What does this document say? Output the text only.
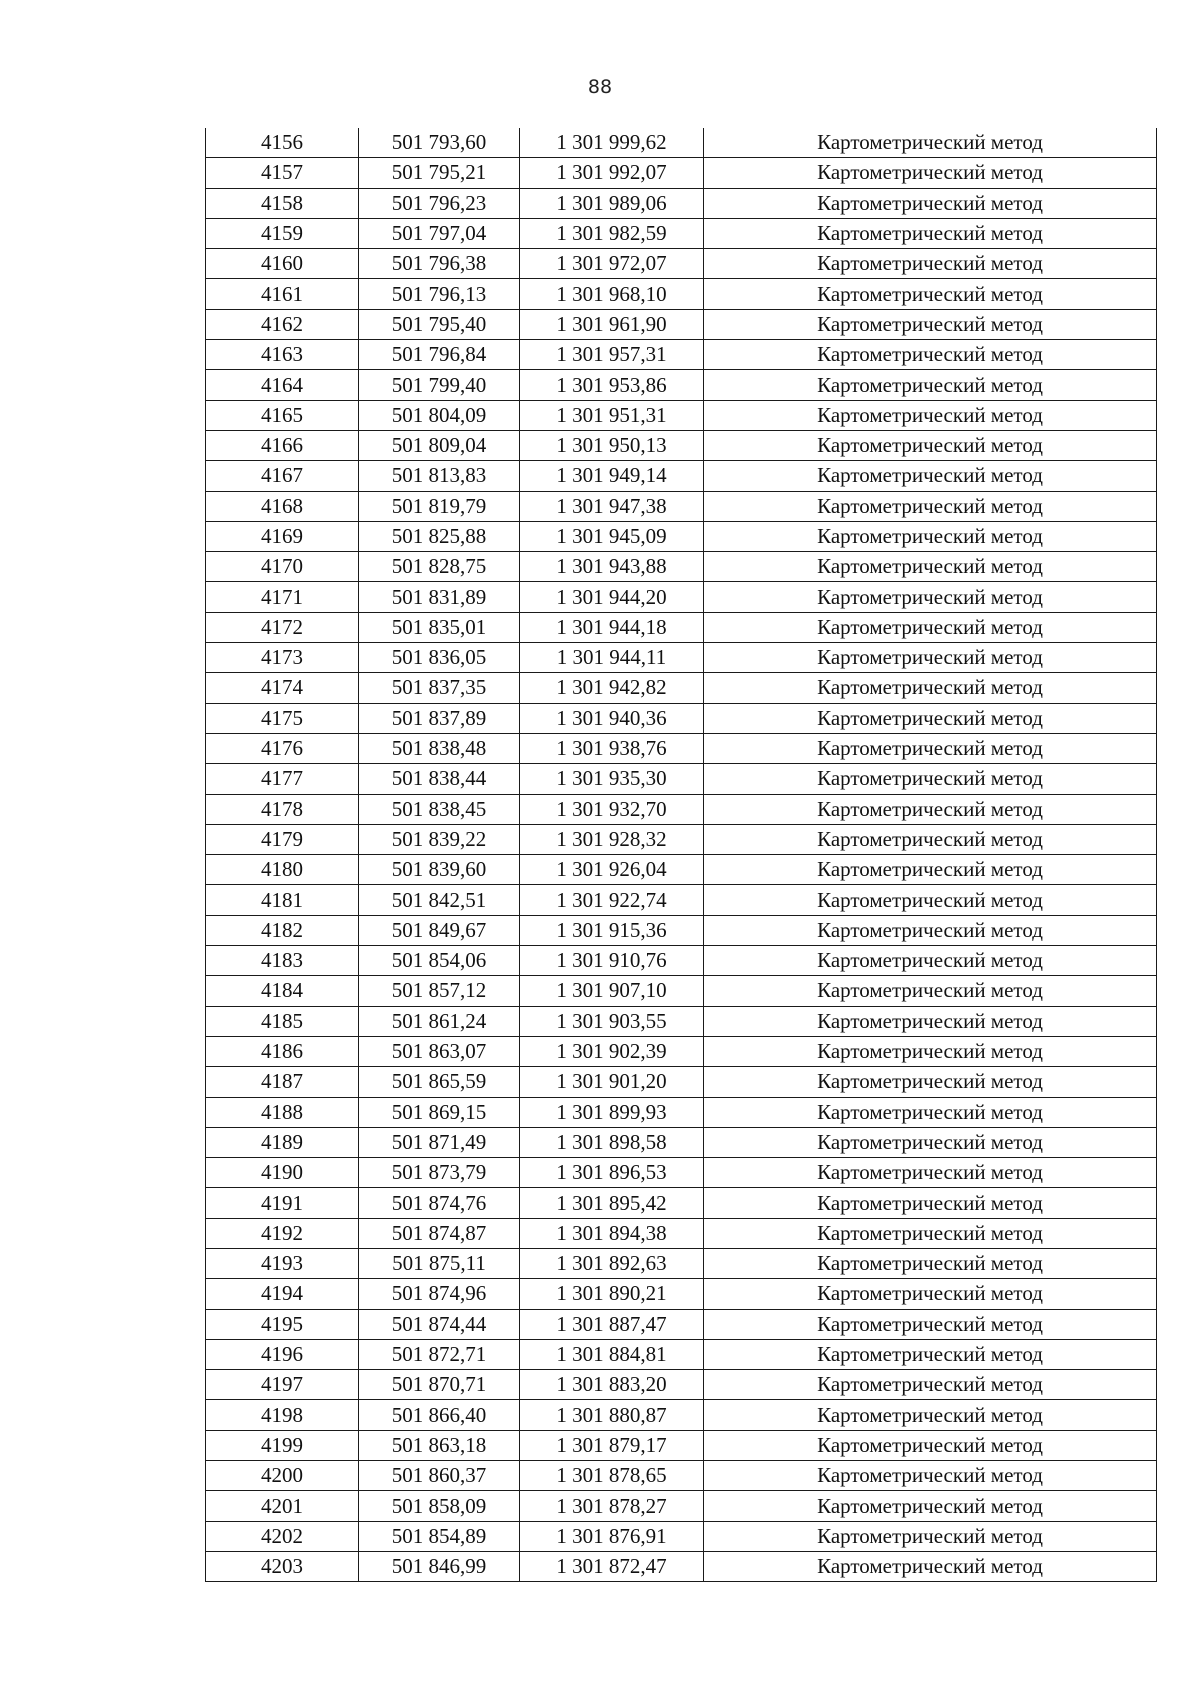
88
4156	501 793,60	1 301 999,62	Картометрический метод
4157	501 795,21	1 301 992,07	Картометрический метод
4158	501 796,23	1 301 989,06	Картометрический метод
4159	501 797,04	1 301 982,59	Картометрический метод
4160	501 796,38	1 301 972,07	Картометрический метод
4161	501 796,13	1 301 968,10	Картометрический метод
4162	501 795,40	1 301 961,90	Картометрический метод
4163	501 796,84	1 301 957,31	Картометрический метод
4164	501 799,40	1 301 953,86	Картометрический метод
4165	501 804,09	1 301 951,31	Картометрический метод
4166	501 809,04	1 301 950,13	Картометрический метод
4167	501 813,83	1 301 949,14	Картометрический метод
4168	501 819,79	1 301 947,38	Картометрический метод
4169	501 825,88	1 301 945,09	Картометрический метод
4170	501 828,75	1 301 943,88	Картометрический метод
4171	501 831,89	1 301 944,20	Картометрический метод
4172	501 835,01	1 301 944,18	Картометрический метод
4173	501 836,05	1 301 944,11	Картометрический метод
4174	501 837,35	1 301 942,82	Картометрический метод
4175	501 837,89	1 301 940,36	Картометрический метод
4176	501 838,48	1 301 938,76	Картометрический метод
4177	501 838,44	1 301 935,30	Картометрический метод
4178	501 838,45	1 301 932,70	Картометрический метод
4179	501 839,22	1 301 928,32	Картометрический метод
4180	501 839,60	1 301 926,04	Картометрический метод
4181	501 842,51	1 301 922,74	Картометрический метод
4182	501 849,67	1 301 915,36	Картометрический метод
4183	501 854,06	1 301 910,76	Картометрический метод
4184	501 857,12	1 301 907,10	Картометрический метод
4185	501 861,24	1 301 903,55	Картометрический метод
4186	501 863,07	1 301 902,39	Картометрический метод
4187	501 865,59	1 301 901,20	Картометрический метод
4188	501 869,15	1 301 899,93	Картометрический метод
4189	501 871,49	1 301 898,58	Картометрический метод
4190	501 873,79	1 301 896,53	Картометрический метод
4191	501 874,76	1 301 895,42	Картометрический метод
4192	501 874,87	1 301 894,38	Картометрический метод
4193	501 875,11	1 301 892,63	Картометрический метод
4194	501 874,96	1 301 890,21	Картометрический метод
4195	501 874,44	1 301 887,47	Картометрический метод
4196	501 872,71	1 301 884,81	Картометрический метод
4197	501 870,71	1 301 883,20	Картометрический метод
4198	501 866,40	1 301 880,87	Картометрический метод
4199	501 863,18	1 301 879,17	Картометрический метод
4200	501 860,37	1 301 878,65	Картометрический метод
4201	501 858,09	1 301 878,27	Картометрический метод
4202	501 854,89	1 301 876,91	Картометрический метод
4203	501 846,99	1 301 872,47	Картометрический метод
